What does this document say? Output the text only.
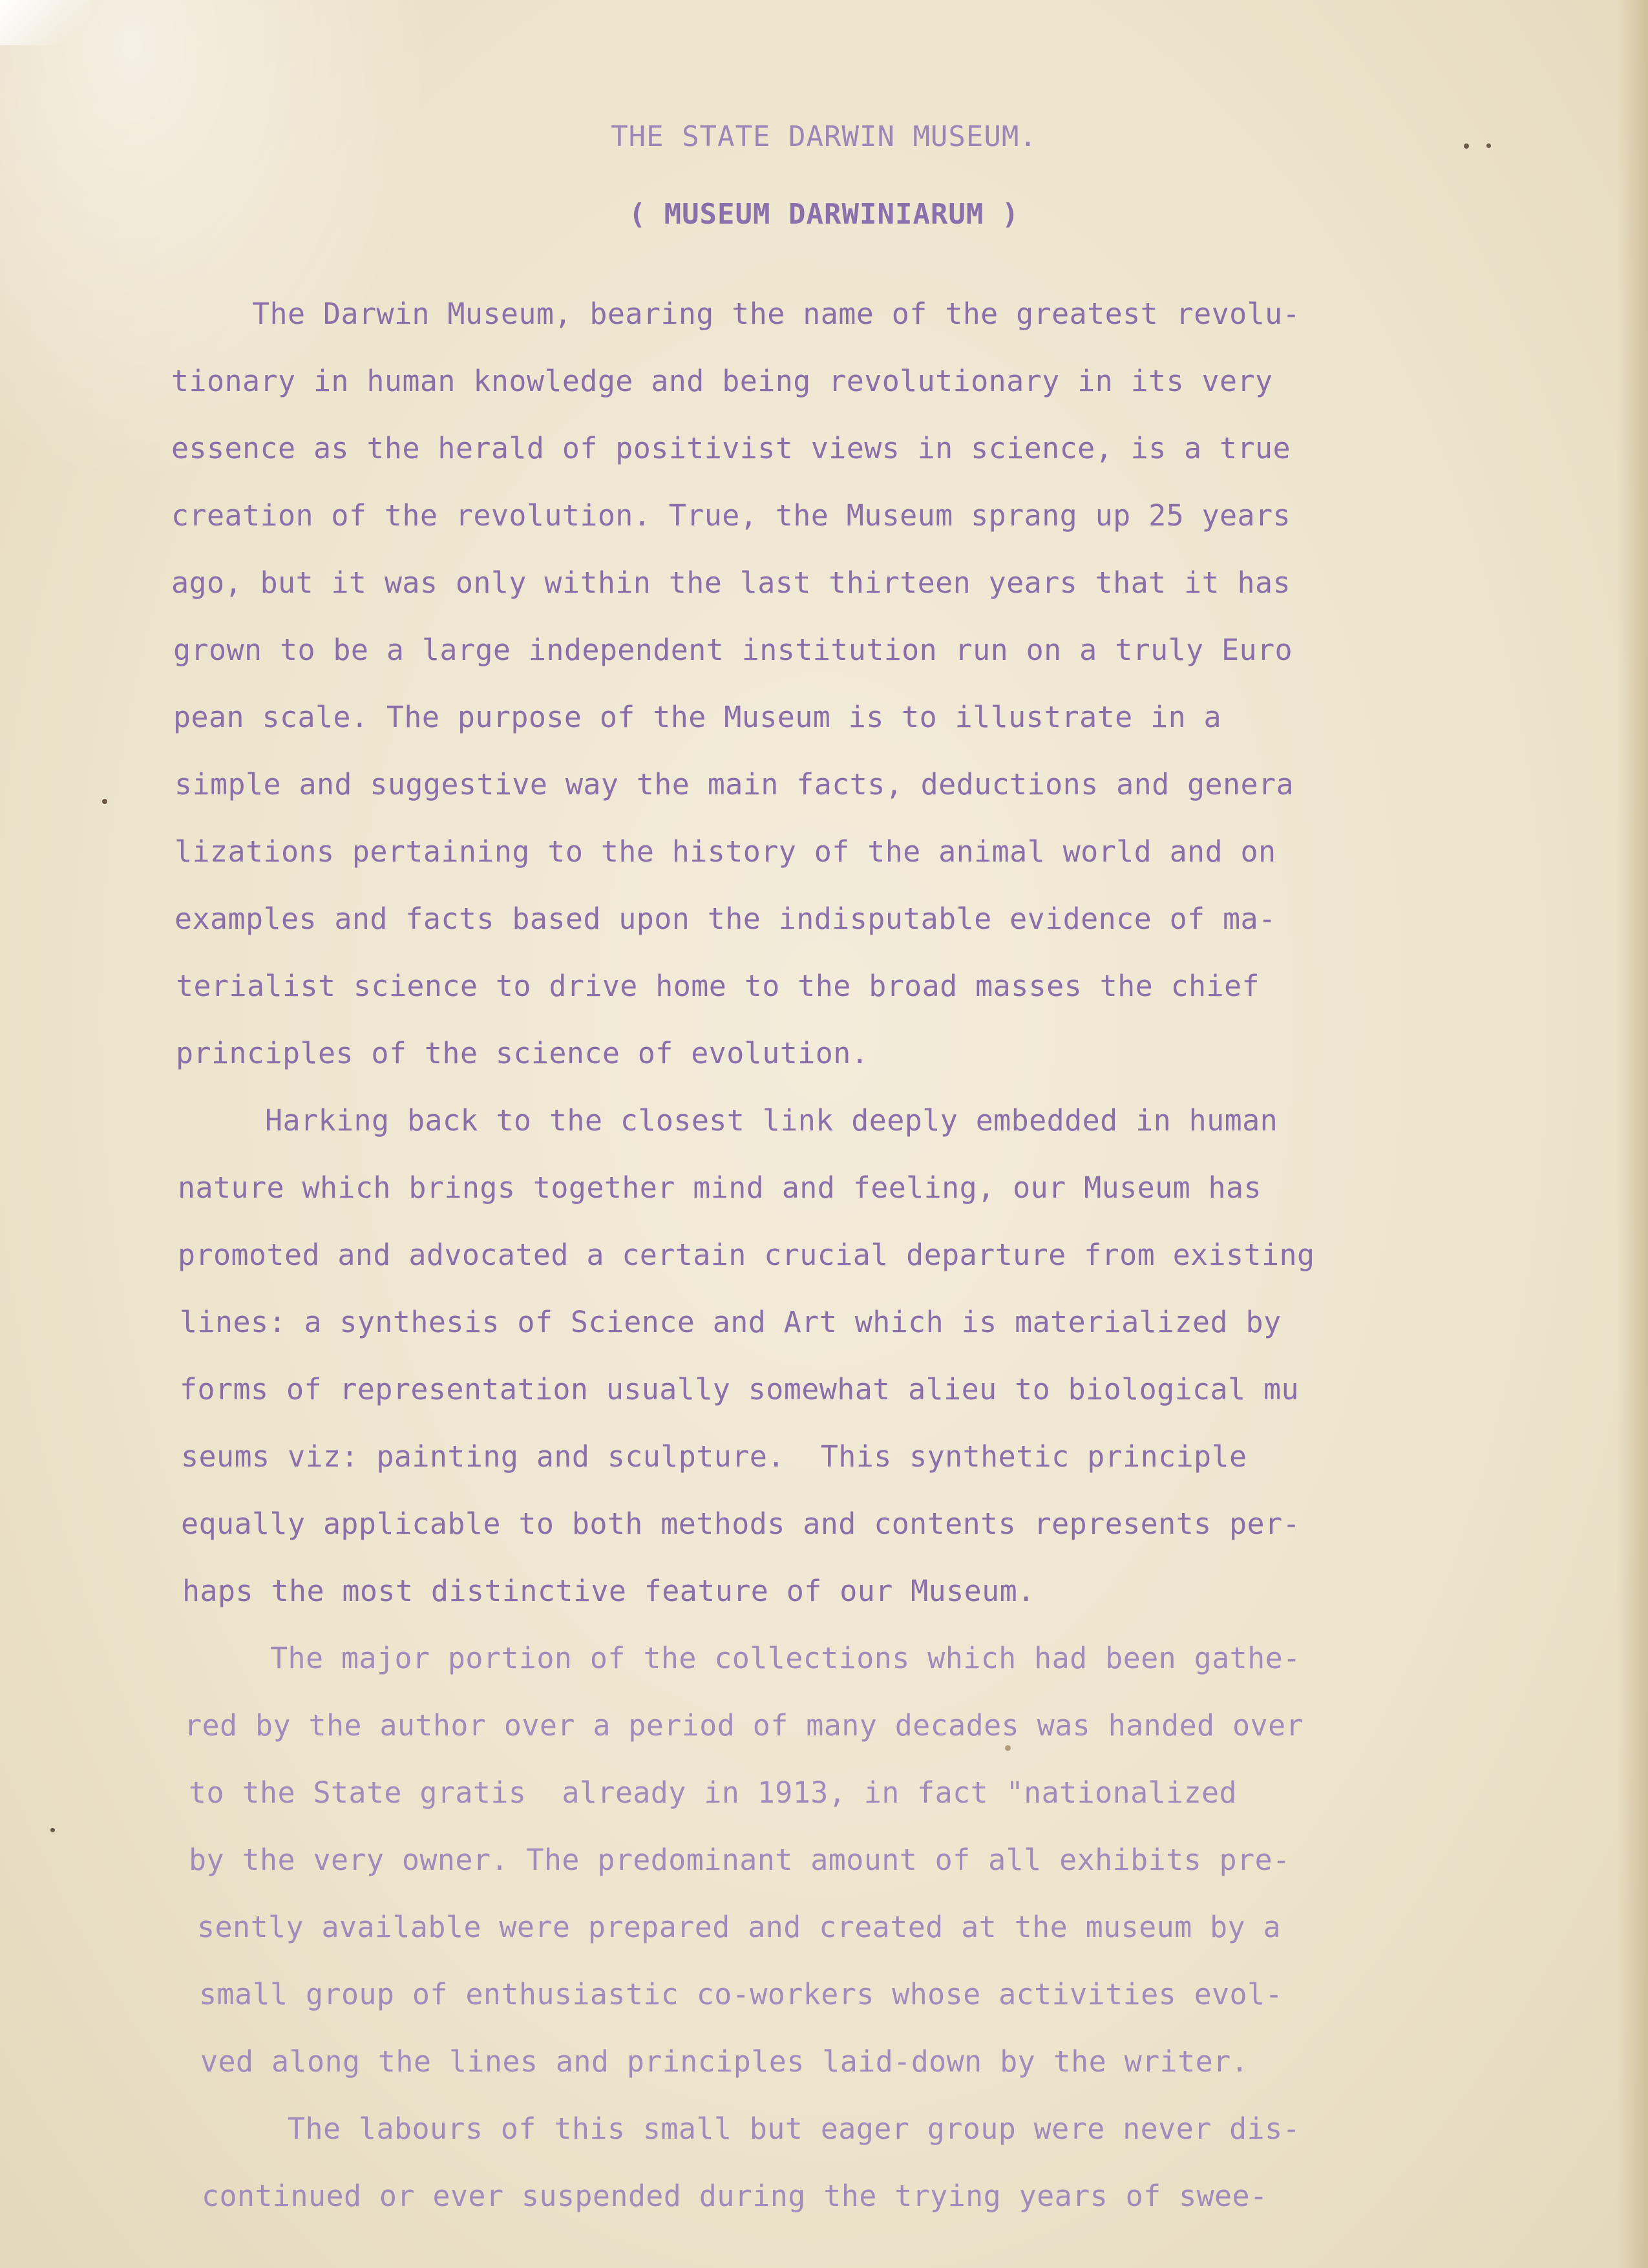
THE STATE DARWIN MUSEUM.
( MUSEUM DARWINIARUM )
The Darwin Museum, bearing the name of the greatest revolu-
tionary in human knowledge and being revolutionary in its very
essence as the herald of positivist views in science, is a true
creation of the revolution. True, the Museum sprang up 25 years
ago, but it was only within the last thirteen years that it has
grown to be a large independent institution run on a truly Euro
pean scale. The purpose of the Museum is to illustrate in a
simple and suggestive way the main facts, deductions and genera
lizations pertaining to the history of the animal world and on
examples and facts based upon the indisputable evidence of ma-
terialist science to drive home to the broad masses the chief
principles of the science of evolution.
Harking back to the closest link deeply embedded in human
nature which brings together mind and feeling, our Museum has
promoted and advocated a certain crucial departure from existing
lines: a synthesis of Science and Art which is materialized by
forms of representation usually somewhat alieu to biological mu
seums viz: painting and sculpture.  This synthetic principle
equally applicable to both methods and contents represents per-
haps the most distinctive feature of our Museum.
The major portion of the collections which had been gathe-
red by the author over a period of many decades was handed over
to the State gratis  already in 1913, in fact "nationalized
by the very owner. The predominant amount of all exhibits pre-
sently available were prepared and created at the museum by a
small group of enthusiastic co-workers whose activities evol-
ved along the lines and principles laid-down by the writer.
The labours of this small but eager group were never dis-
continued or ever suspended during the trying years of swee-
